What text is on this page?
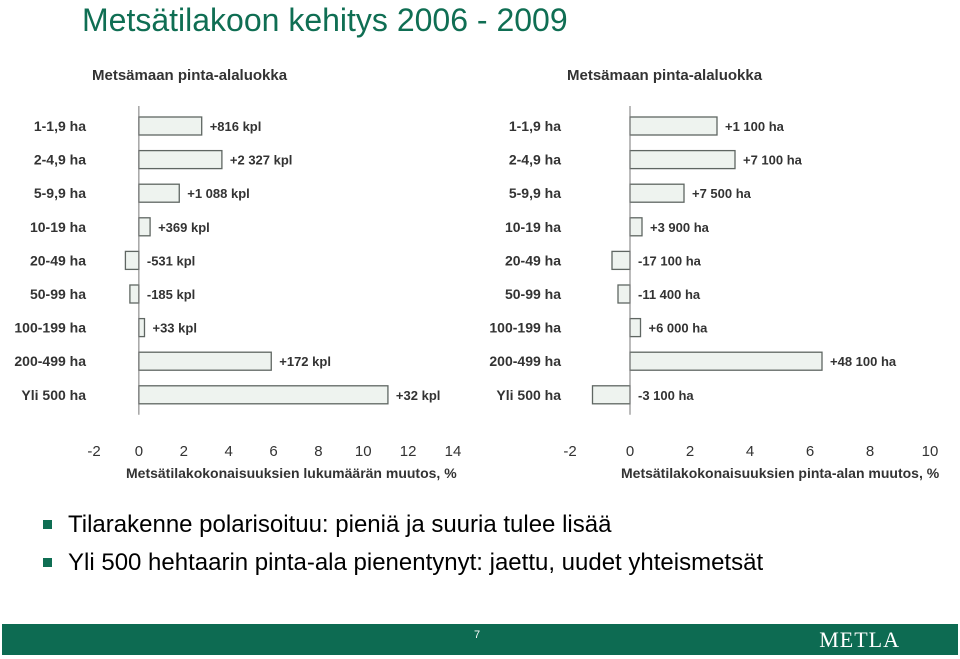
Metsätilakoon kehitys 2006 - 2009
Metsämaan pinta-alaluokka
1-1,9 ha	+816 kpl
2-4,9 ha	+2 327 kpl
5-9,9 ha	+1 088 kpl
10-19 ha	+369 kpl
20-49 ha	-531 kpl
50-99 ha	-185 kpl
100-199 ha	+33 kpl
200-499 ha	+172 kpl
Yli 500 ha	+32 kpl
-2 0 2 4 6 8 10 12 14
Metsätilakokonaisuuksien lukumäärän muutos, %
Metsämaan pinta-alaluokka
1-1,9 ha	+1 100 ha
2-4,9 ha	+7 100 ha
5-9,9 ha	+7 500 ha
10-19 ha	+3 900 ha
20-49 ha	-17 100 ha
50-99 ha	-11 400 ha
100-199 ha	+6 000 ha
200-499 ha	+48 100 ha
Yli 500 ha	-3 100 ha
-2	0	2	4	6	8	10
Metsätilakokonaisuuksien pinta-alan muutos, %
Tilarakenne polarisoituu: pieniä ja suuria tulee lisää
Yli 500 hehtaarin pinta-ala pienentynyt: jaettu, uudet yhteismetsät
7	METLA
